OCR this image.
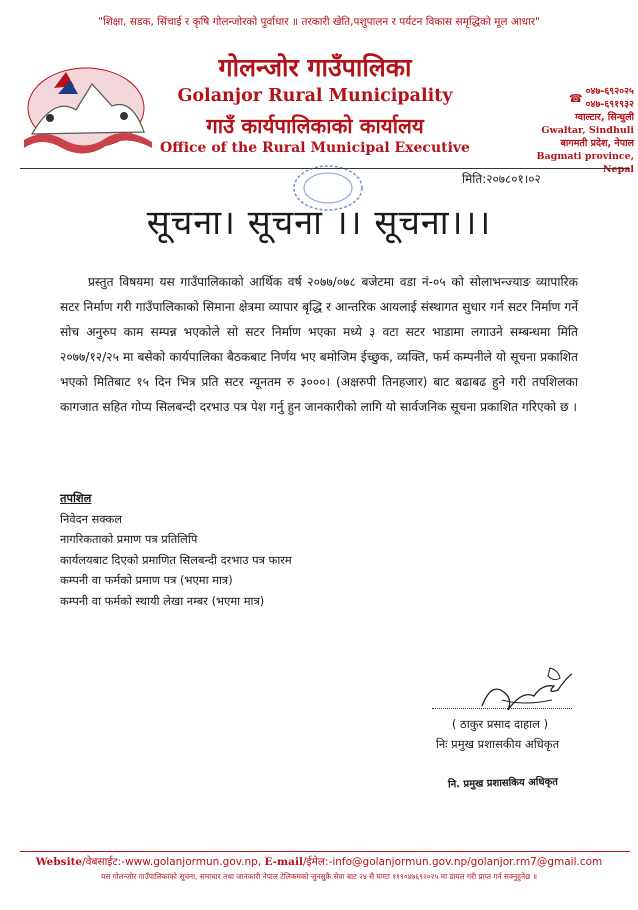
"शिक्षा, सडक, सिंचाई र कृषि गोलन्जोरको पुर्वाधार ॥ तरकारी खेति,पशुपालन र पर्यटन विकास समृद्धिको मूल आधार"
गोलन्जोर गाउँपालिका
Golanjor Rural Municipality
गाउँ कार्यपालिकाको कार्यालय
Office of the Rural Municipal Executive
☎ ०४७-६९२०२५
०४७-६९१९३२
ग्वाल्टार, सिन्धुली
Gwaltar, Sindhuli
बागमती प्रदेश, नेपाल
Bagmati province, Nepal
मिति:२०७८०१।०२
सूचना। सूचना ।। सूचना।।।

प्रस्तुत विषयमा यस गाउँपालिकाको आर्थिक वर्ष २०७७/०७८ बजेटमा वडा नं-०५ को सोलाभन्ज्याङ व्यापारिक सटर निर्माण गरी गाउँपालिकाको सिमाना क्षेत्रमा व्यापार बृद्धि र आन्तरिक आयलाई संस्थागत सुधार गर्न सटर निर्माण गर्ने सोच अनुरुप काम सम्पन्न भएकोले सो सटर निर्माण भएका मध्ये ३ वटा सटर भाडामा लगाउने सम्बन्धमा मिति २०७७/१२/२५ मा बसेको कार्यपालिका बैठकबाट निर्णय भए बमोजिम ईच्छुक, व्यक्ति, फर्म कम्पनीले यो सूचना प्रकाशित भएको मितिबाट १५ दिन भित्र प्रति सटर न्यूनतम रु ३०००। (अक्षरुपी तिनहजार) बाट बढाबढ हुने गरी तपशिलका कागजात सहित गोप्य सिलबन्दी दरभाउ पत्र पेश गर्नु हुन जानकारीको लागि यो सार्वजनिक सूचना प्रकाशित गरिएको छ ।

तपशिल
निवेदन सक्कल
नागरिकताको प्रमाण पत्र प्रतिलिपि
कार्यलयबाट दिएको प्रमाणित सिलबन्दी दरभाउ पत्र फारम
कम्पनी वा फर्मको प्रमाण पत्र (भएमा मात्र)
कम्पनी वा फर्मको स्थायी लेखा नम्बर (भएमा मात्र)
( ठाकुर प्रसाद दाहाल )
निः प्रमुख प्रशासकीय अधिकृत
नि. प्रमुख प्रशासकिय अधिकृत
Website/वेबसाईट:-www.golanjormun.gov.np, E-mail/ईमेल:-info@golanjormun.gov.np/golanjor.rm7@gmail.com
यस गोलन्जोर गाउँपालिकाको सूचना, समाचार तथा जानकारी नेपाल टेलिकमको जुनसुकै सेवा बाट २४ सै घण्टा ११९०४७६९२०२५ मा डायल गरी प्राप्त गर्न सक्नुहुनेछ ॥
